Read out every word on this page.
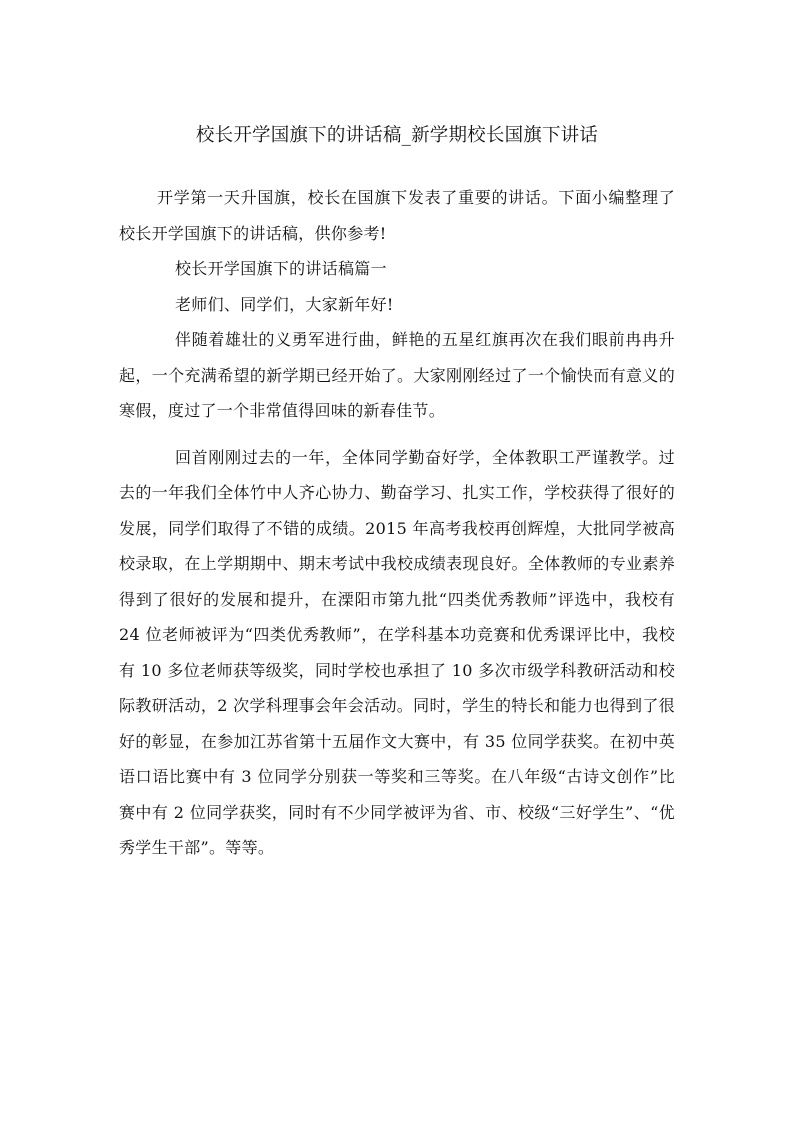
校长开学国旗下的讲话稿_新学期校长国旗下讲话

开学第一天升国旗，校长在国旗下发表了重要的讲话。下面小编整理了校长开学国旗下的讲话稿，供你参考!

校长开学国旗下的讲话稿篇一

老师们、同学们，大家新年好!

伴随着雄壮的义勇军进行曲，鲜艳的五星红旗再次在我们眼前冉冉升起，一个充满希望的新学期已经开始了。大家刚刚经过了一个愉快而有意义的寒假，度过了一个非常值得回味的新春佳节。

回首刚刚过去的一年，全体同学勤奋好学，全体教职工严谨教学。过去的一年我们全体竹中人齐心协力、勤奋学习、扎实工作，学校获得了很好的发展，同学们取得了不错的成绩。2015 年高考我校再创辉煌，大批同学被高校录取，在上学期期中、期末考试中我校成绩表现良好。全体教师的专业素养得到了很好的发展和提升，在溧阳市第九批“四类优秀教师”评选中，我校有 24 位老师被评为“四类优秀教师”，在学科基本功竞赛和优秀课评比中，我校有 10 多位老师获等级奖，同时学校也承担了 10 多次市级学科教研活动和校际教研活动，2 次学科理事会年会活动。同时，学生的特长和能力也得到了很好的彰显，在参加江苏省第十五届作文大赛中，有 35 位同学获奖。在初中英语口语比赛中有 3 位同学分别获一等奖和三等奖。在八年级“古诗文创作”比赛中有 2 位同学获奖，同时有不少同学被评为省、市、校级“三好学生”、“优秀学生干部”。等等。
